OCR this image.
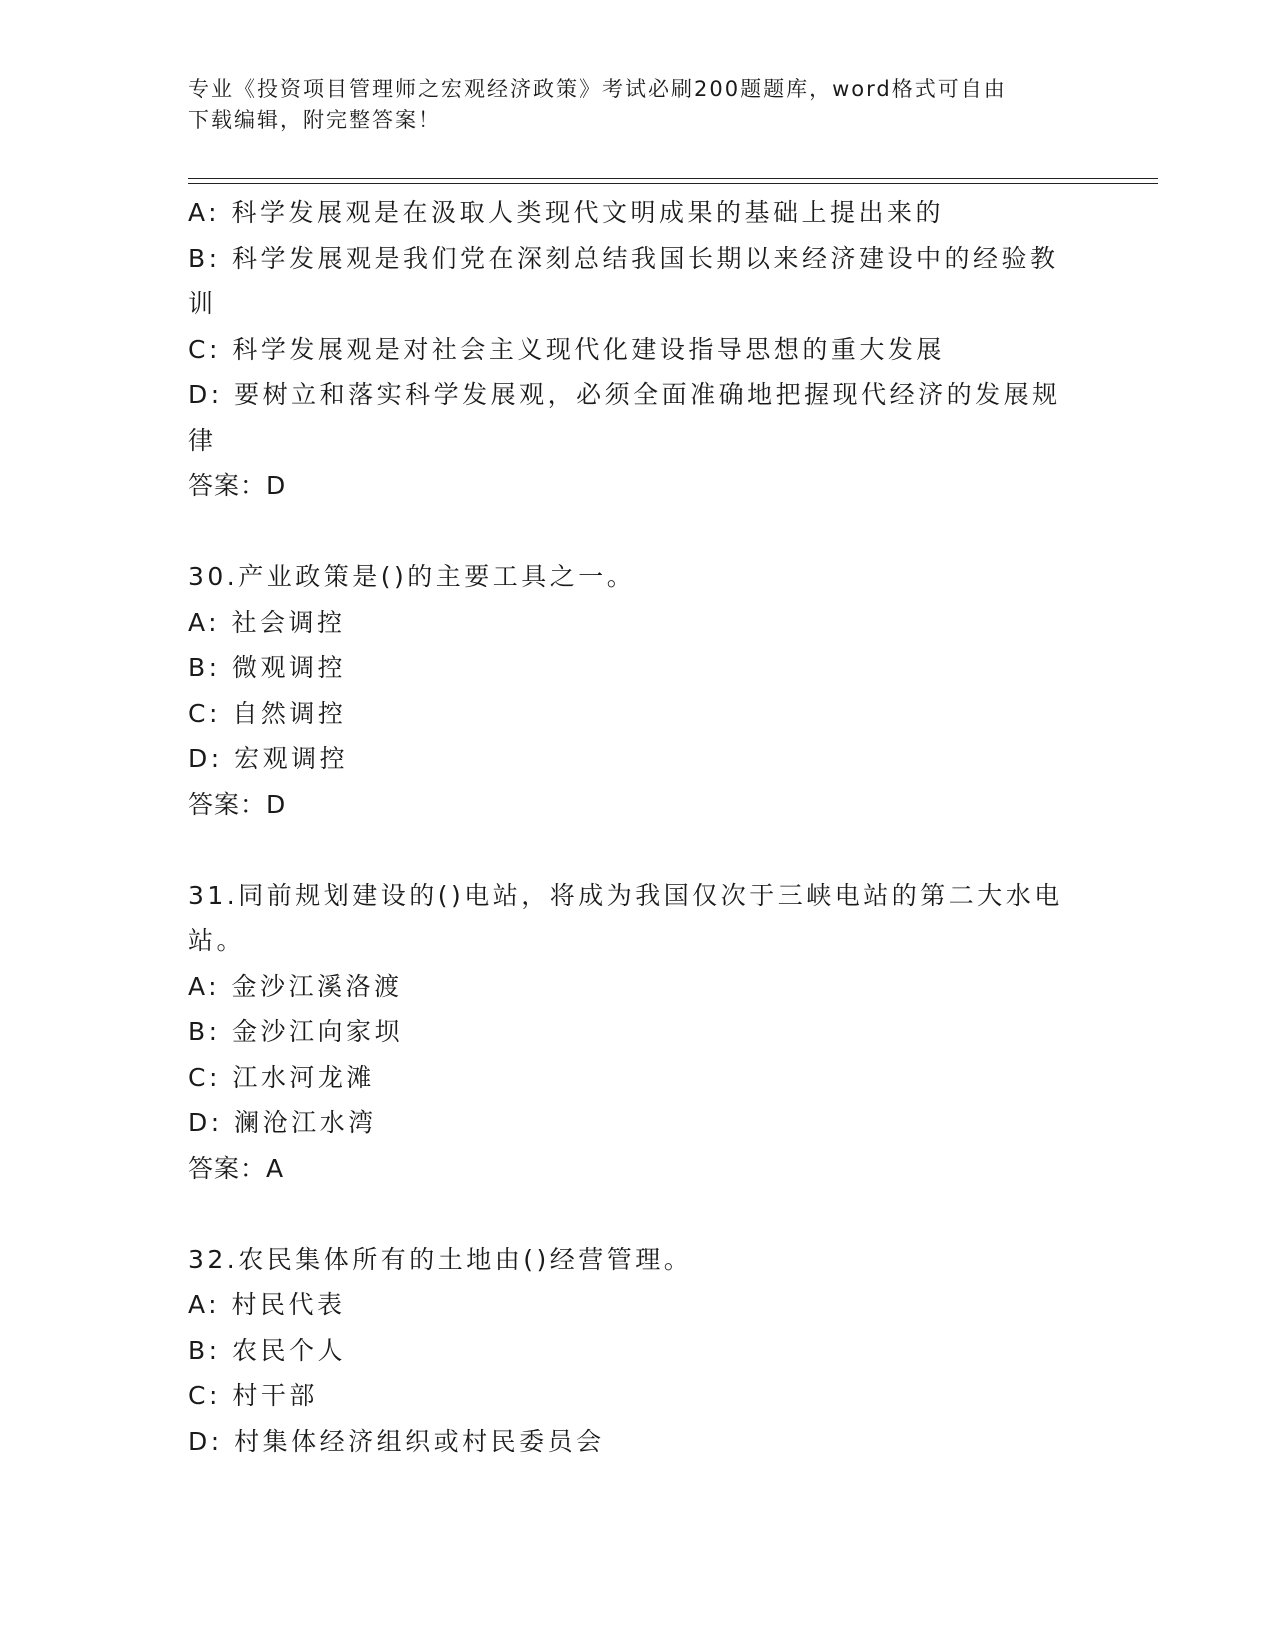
专业《投资项目管理师之宏观经济政策》考试必刷200题题库，word格式可自由
下载编辑，附完整答案！
A: 科学发展观是在汲取人类现代文明成果的基础上提出来的
B: 科学发展观是我们党在深刻总结我国长期以来经济建设中的经验教
训
C: 科学发展观是对社会主义现代化建设指导思想的重大发展
D: 要树立和落实科学发展观，必须全面准确地把握现代经济的发展规
律
答案：D
30.产业政策是()的主要工具之一。
A: 社会调控
B: 微观调控
C: 自然调控
D: 宏观调控
答案：D
31.同前规划建设的()电站，将成为我国仅次于三峡电站的第二大水电
站。
A: 金沙江溪洛渡
B: 金沙江向家坝
C: 江水河龙滩
D: 澜沧江水湾
答案：A
32.农民集体所有的土地由()经营管理。
A: 村民代表
B: 农民个人
C: 村干部
D: 村集体经济组织或村民委员会
